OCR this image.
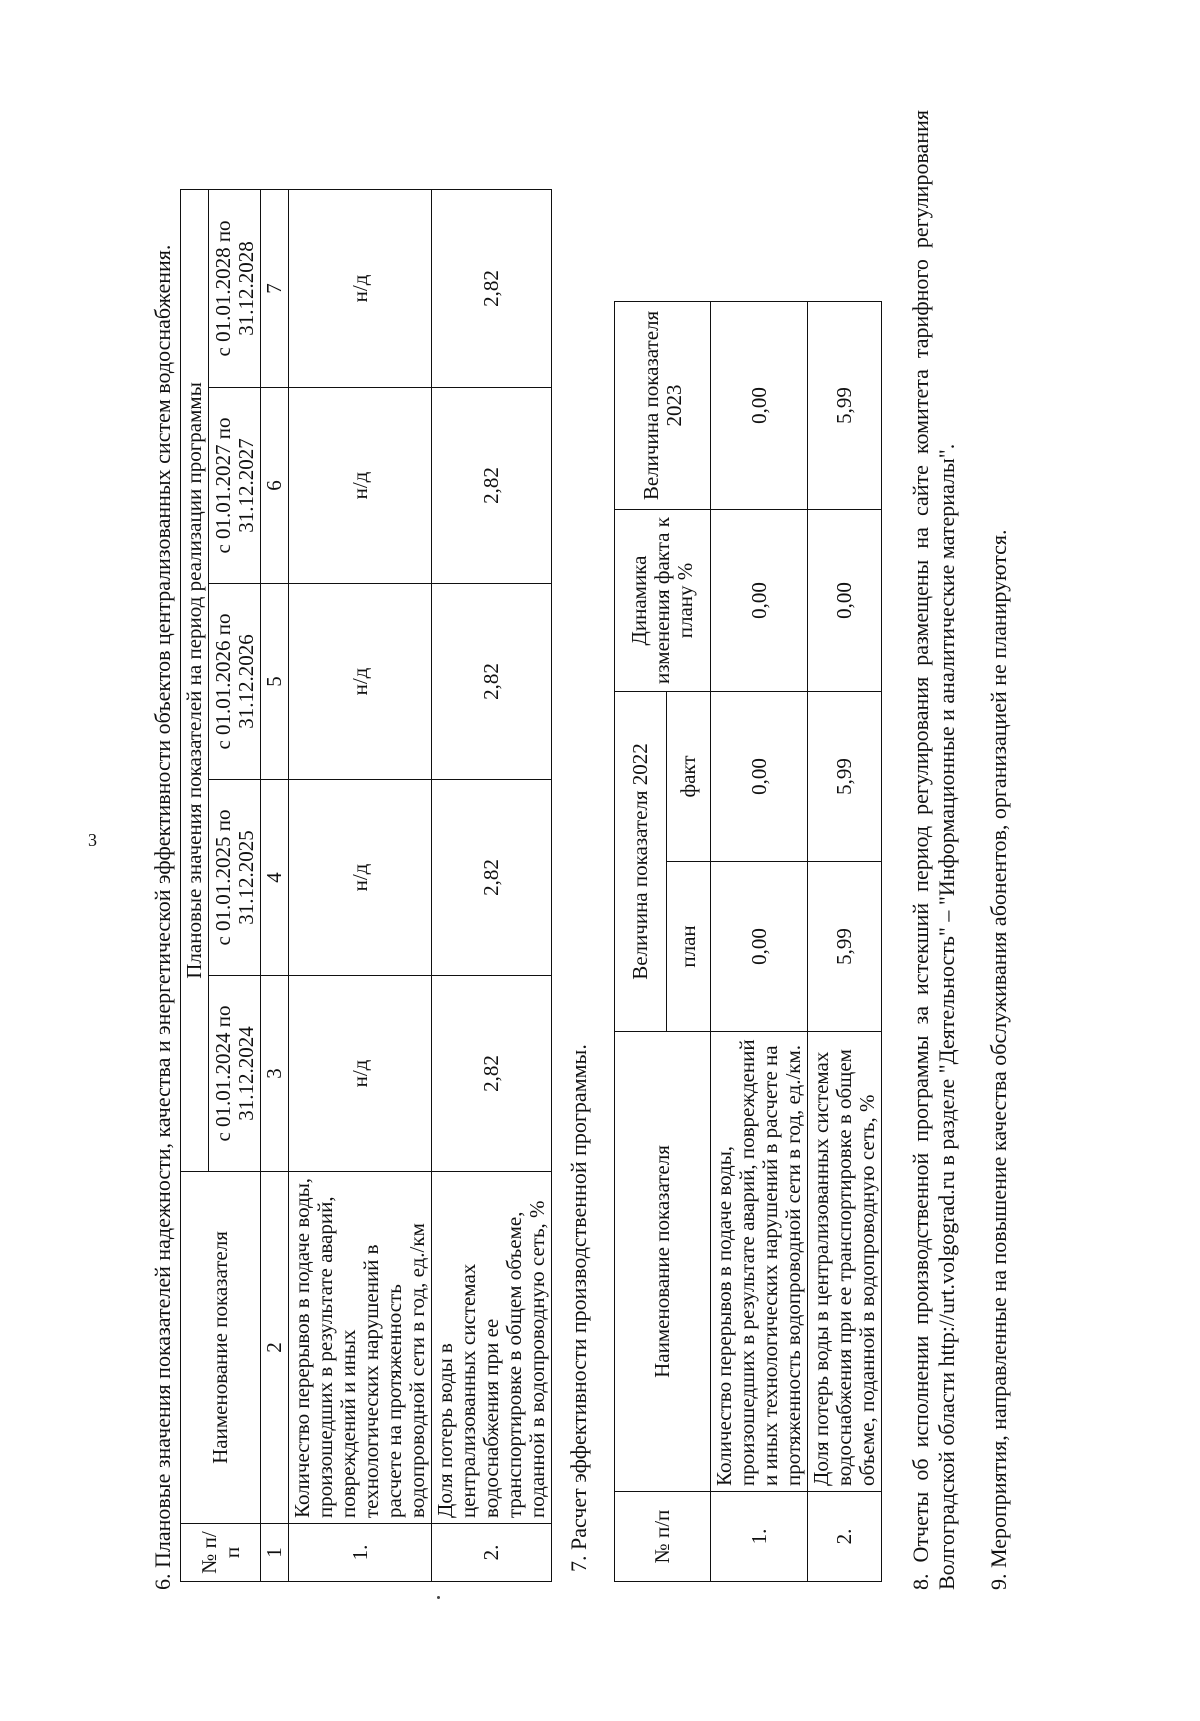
3 6. Плановые значения показателей надежности, качества и энергетической эффективности объектов централизованных систем водоснабжения. № п/п	Наименование показателя	Плановые значения показателей на период реализации программы				
		с 01.01.2024 по 31.12.2024	с 01.01.2025 по 31.12.2025	с 01.01.2026 по 31.12.2026	с 01.01.2027 по 31.12.2027	с 01.01.2028 по 31.12.2028
1	2	3	4	5	6	7
1.	Количество перерывов в подаче воды, произошедших в результате аварий, повреждений и иных технологических нарушений в расчете на протяженность водопроводной сети в год, ед./км	н/д	н/д	н/д	н/д	н/д
2.	Доля потерь воды в централизованных системах водоснабжения при ее транспортировке в общем объеме, поданной в водопроводную сеть, %	2,82	2,82	2,82	2,82	2,82

7. Расчет эффективности производственной программы.	№ п/п	Наименование показателя	Величина показателя 2022		Динамика изменения факта к плану %	Величина показателя 2023
		план	факт		
1.	Количество перерывов в подаче воды, произошедших в результате аварий, повреждений и иных технологических нарушений в расчете на протяженность водопроводной сети в год, ед./км.	0,00	0,00	0,00	0,00
2.	Доля потерь воды в централизованных системах водоснабжения при ее транспортировке в общем объеме, поданной в водопроводную сеть, %	5,99	5,99	0,00	5,99 8. Отчеты об исполнении производственной программы за истекший период регулирования размещены на сайте комитета тарифного регулирования Волгоградской области http://urt.volgograd.ru в разделе "Деятельность" – "Информационные и аналитические материалы". 9. Мероприятия, направленные на повышение качества обслуживания абонентов, организацией не планируются.
